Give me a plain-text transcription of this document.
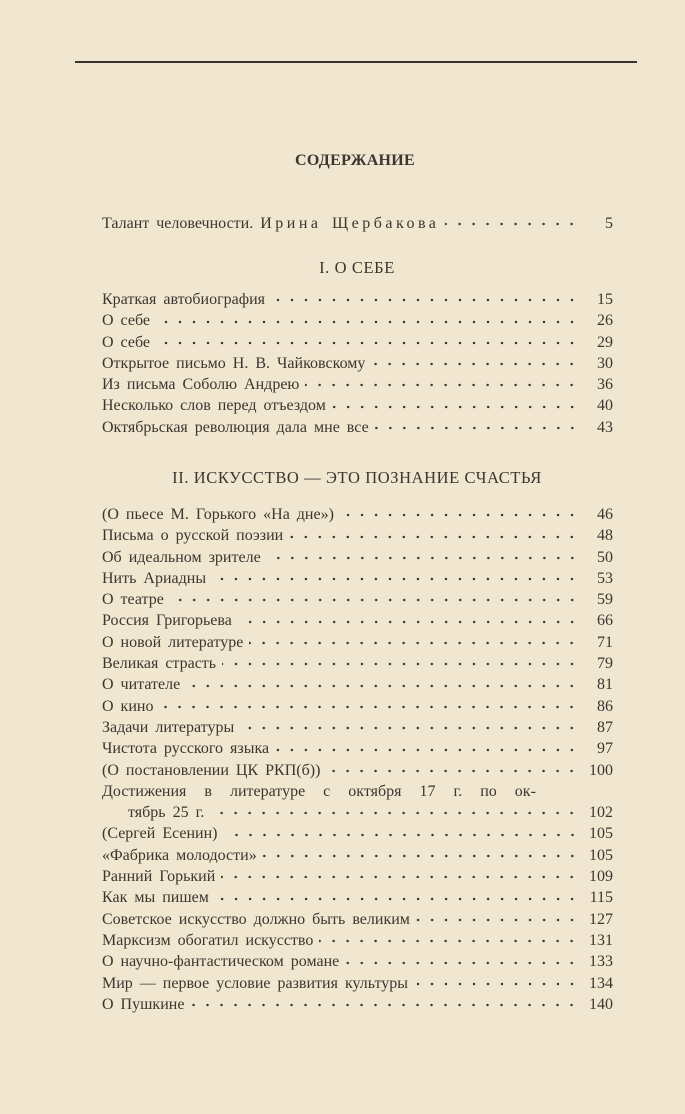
СОДЕРЖАНИЕ
Талант человечности. Ирина Щербакова	5
I. О СЕБЕ
Краткая автобиография	15
О себе	26
О себе	29
Открытое письмо Н. В. Чайковскому	30
Из письма Соболю Андрею	36
Несколько слов перед отъездом	40
Октябрьская революция дала мне все	43
II. ИСКУССТВО — ЭТО ПОЗНАНИЕ СЧАСТЬЯ
(О пьесе М. Горького «На дне»)	46
Письма о русской поэзии	48
Об идеальном зрителе	50
Нить Ариадны	53
О театре	59
Россия Григорьева	66
О новой литературе	71
Великая страсть	79
О читателе	81
О кино	86
Задачи литературы	87
Чистота русского языка	97
(О постановлении ЦК РКП(б))	100
Достижения в литературе с октября 17 г. по ок-
тябрь 25 г.	102
(Сергей Есенин)	105
«Фабрика молодости»	105
Ранний Горький	109
Как мы пишем	115
Советское искусство должно быть великим	127
Марксизм обогатил искусство	131
О научно-фантастическом романе	133
Мир — первое условие развития культуры	134
О Пушкине	140
